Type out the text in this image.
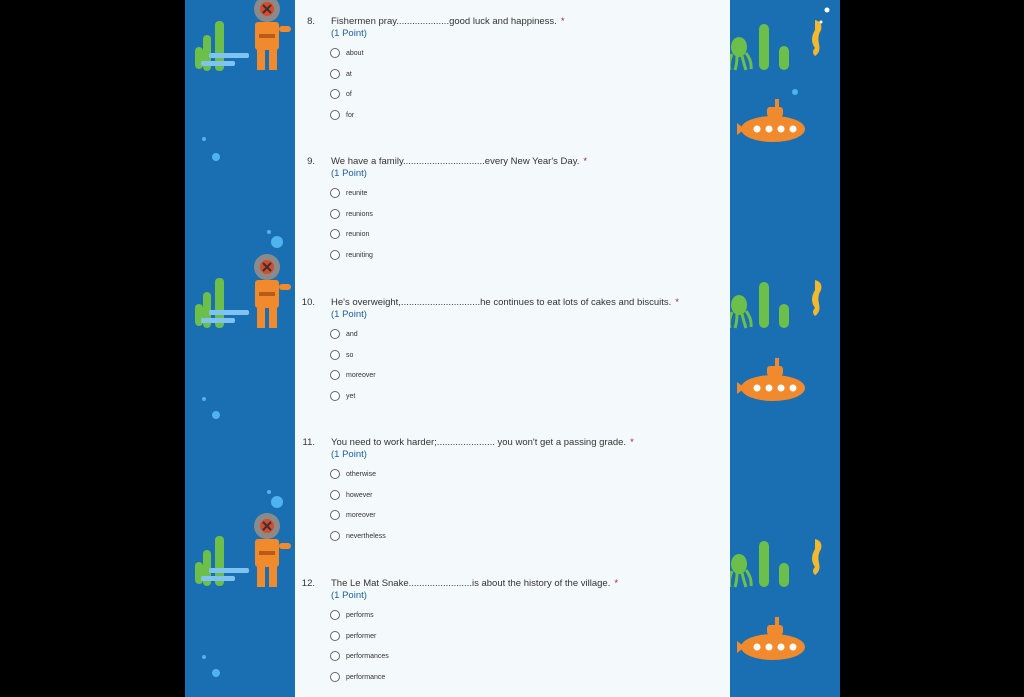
8. Fishermen pray....................good luck and happiness. *
(1 Point)
about
at
of
for
9. We have a family...............................every New Year's Day. *
(1 Point)
reunite
reunions
reunion
reuniting
10. He's overweight,..............................he continues to eat lots of cakes and biscuits. *
(1 Point)
and
so
moreover
yet
11. You need to work harder;...................... you won't get a passing grade. *
(1 Point)
otherwise
however
moreover
nevertheless
12. The Le Mat Snake........................is about the history of the village. *
(1 Point)
performs
performer
performances
performance
